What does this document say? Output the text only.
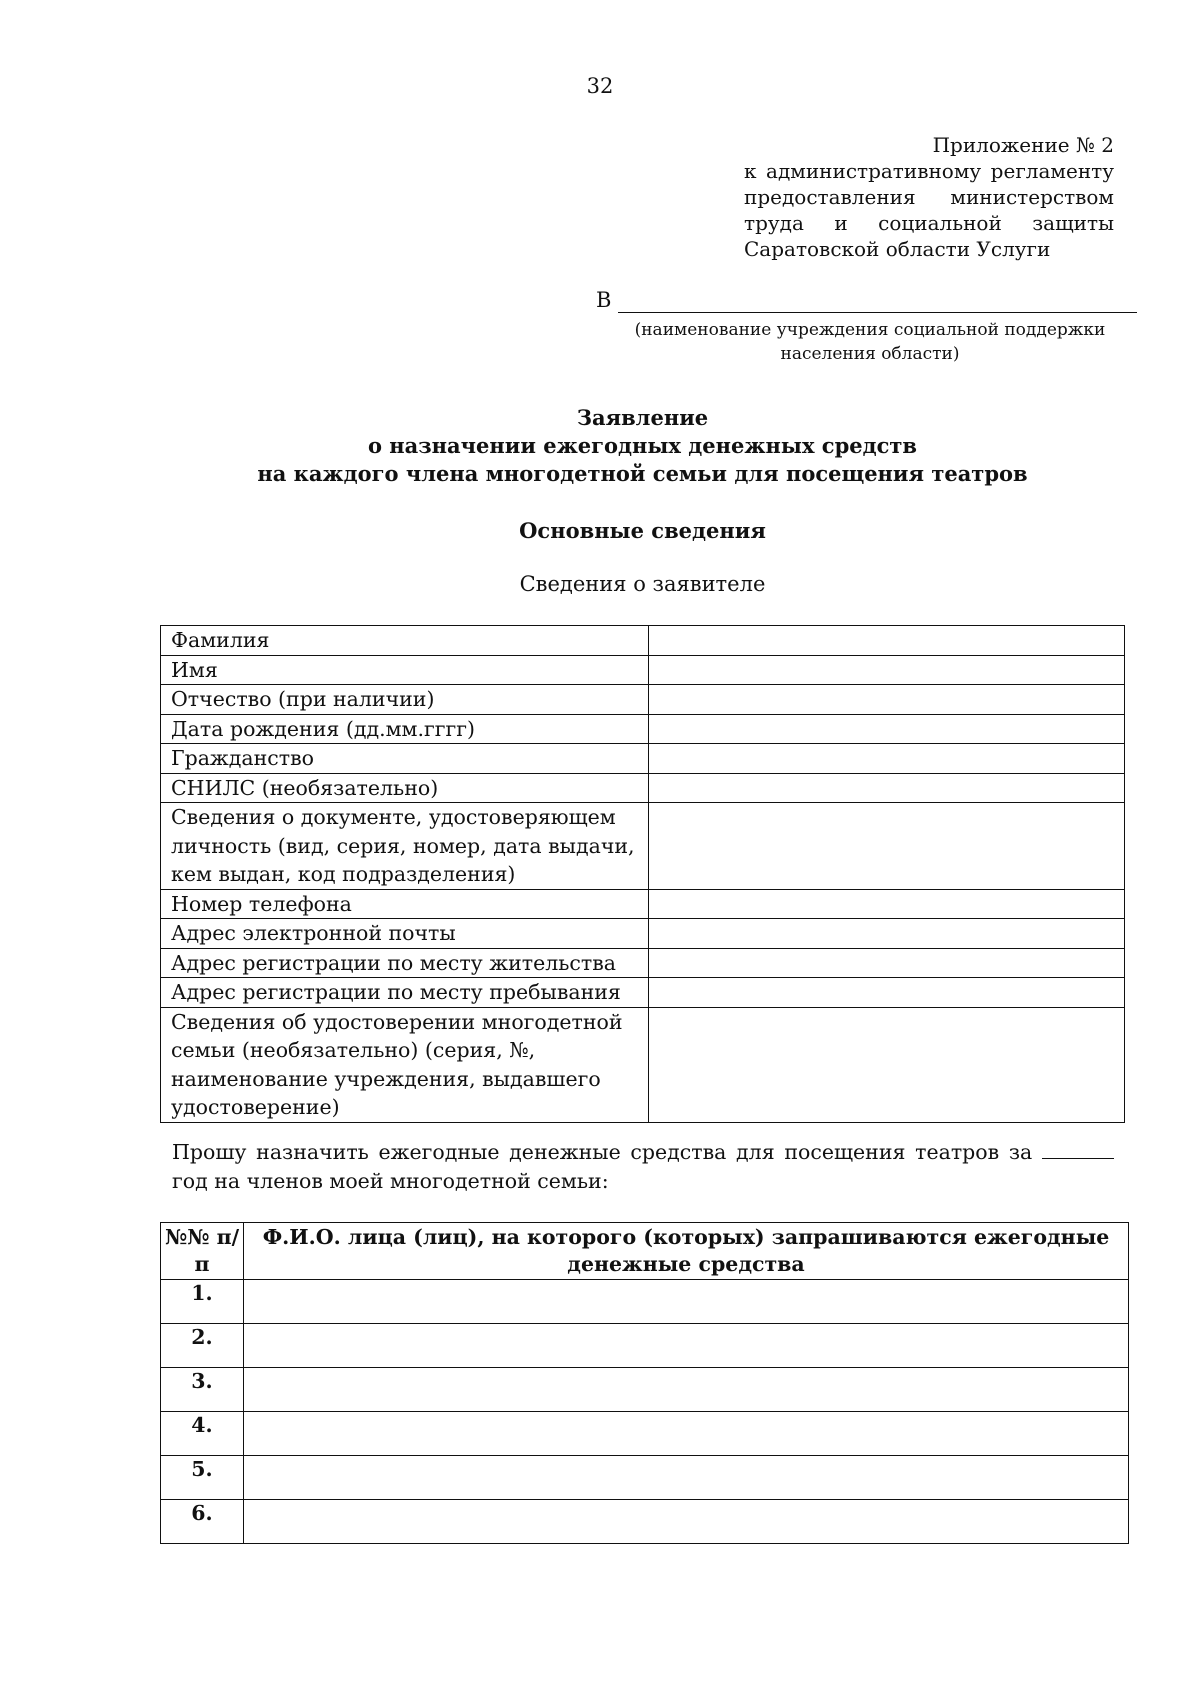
32
Приложение № 2
к административному регламенту предоставления министерством труда и социальной защиты Саратовской области Услуги
В
(наименование учреждения социальной поддержки населения области)
Заявление
о назначении ежегодных денежных средств
на каждого члена многодетной семьи для посещения театров
Основные сведения
Сведения о заявителе
Фамилия	
Имя	
Отчество (при наличии)	
Дата рождения (дд.мм.гггг)	
Гражданство	
СНИЛС (необязательно)	
Сведения о документе, удостоверяющем личность (вид, серия, номер, дата выдачи, кем выдан, код подразделения)	
Номер телефона	
Адрес электронной почты	
Адрес регистрации по месту жительства	
Адрес регистрации по месту пребывания	
Сведения об удостоверении многодетной семьи (необязательно) (серия, №, наименование учреждения, выдавшего удостоверение)	
Прошу назначить ежегодные денежные средства для посещения театров за  год на членов моей многодетной семьи:
№№ п/ п	Ф.И.О. лица (лиц), на которого (которых) запрашиваются ежегодные денежные средства
1.	
2.	
3.	
4.	
5.	
6.	
